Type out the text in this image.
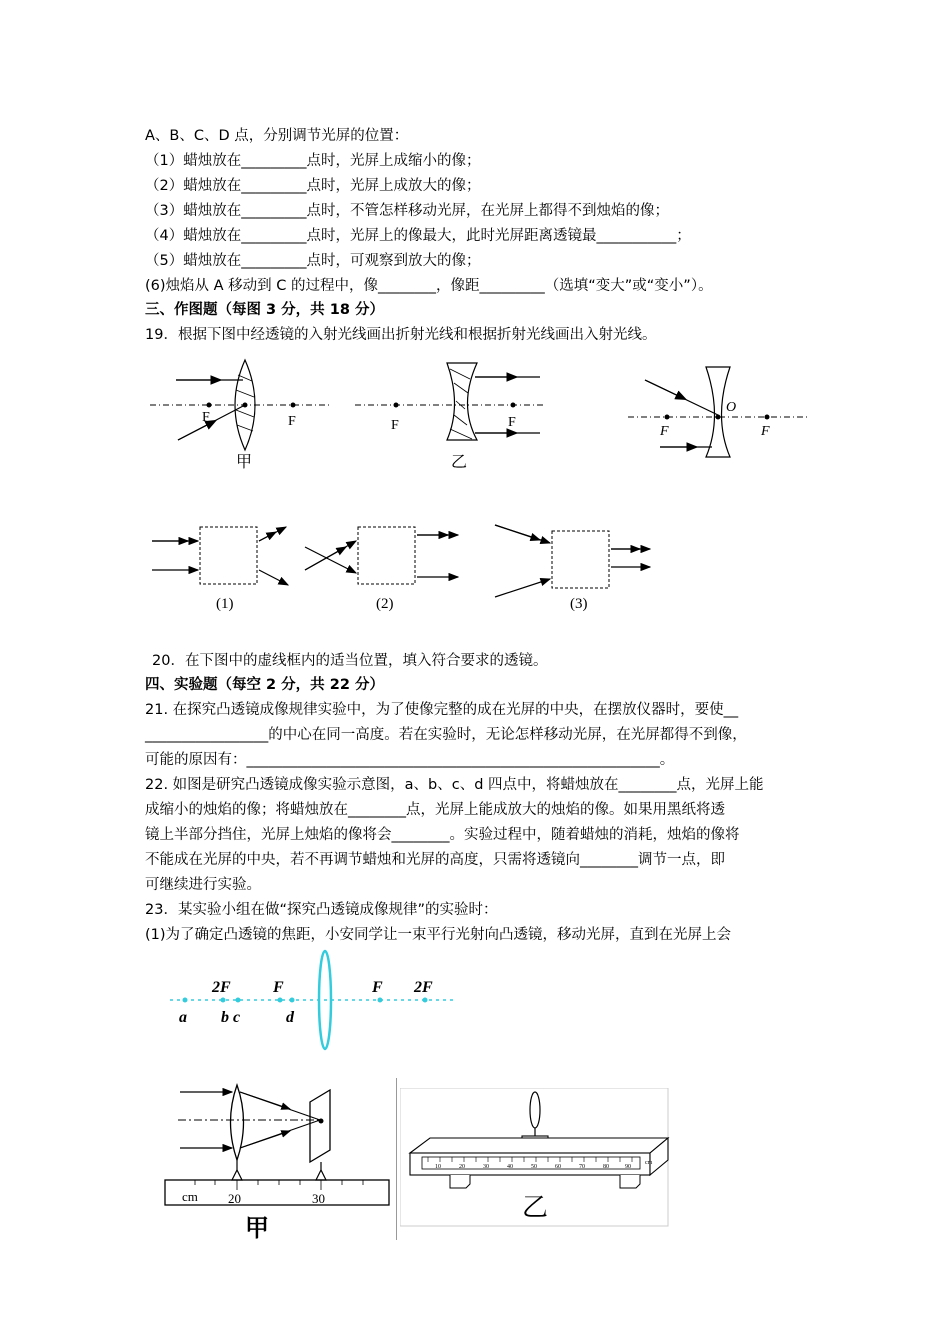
A、B、C、D 点，分别调节光屏的位置：
（1）蜡烛放在_________点时，光屏上成缩小的像；
（2）蜡烛放在_________点时，光屏上成放大的像；
（3）蜡烛放在_________点时，不管怎样移动光屏，在光屏上都得不到烛焰的像；
（4）蜡烛放在_________点时，光屏上的像最大，此时光屏距离透镜最___________；
（5）蜡烛放在_________点时，可观察到放大的像；
(6)烛焰从 A 移动到 C 的过程中，像________，像距_________（选填“变大”或“变小”）。
三、作图题（每图 3 分，共 18 分）
19．根据下图中经透镜的入射光线画出折射光线和根据折射光线画出入射光线。
F	F
甲
F	F
乙
F
O
F
(1)	(2)	(3)
20．在下图中的虚线框内的适当位置，填入符合要求的透镜。
四、实验题（每空 2 分，共 22 分）
21. 在探究凸透镜成像规律实验中，为了使像完整的成在光屏的中央，在摆放仪器时，要使__
_________________的中心在同一高度。若在实验时，无论怎样移动光屏，在光屏都得不到像，
可能的原因有：_________________________________________________________。
22. 如图是研究凸透镜成像实验示意图，a、b、c、d 四点中，将蜡烛放在________点，光屏上能
成缩小的烛焰的像；将蜡烛放在________点，光屏上能成放大的烛焰的像。如果用黑纸将透
镜上半部分挡住，光屏上烛焰的像将会________。实验过程中，随着蜡烛的消耗，烛焰的像将
不能成在光屏的中央，若不再调节蜡烛和光屏的高度，只需将透镜向________调节一点，即
可继续进行实验。
23．某实验小组在做“探究凸透镜成像规律”的实验时：
(1)为了确定凸透镜的焦距，小安同学让一束平行光射向凸透镜，移动光屏，直到在光屏上会
2F	F	F 2F
a b c	d
cm 20	30
甲
10	20	30	40	50	60	70	80	90
cm
乙
